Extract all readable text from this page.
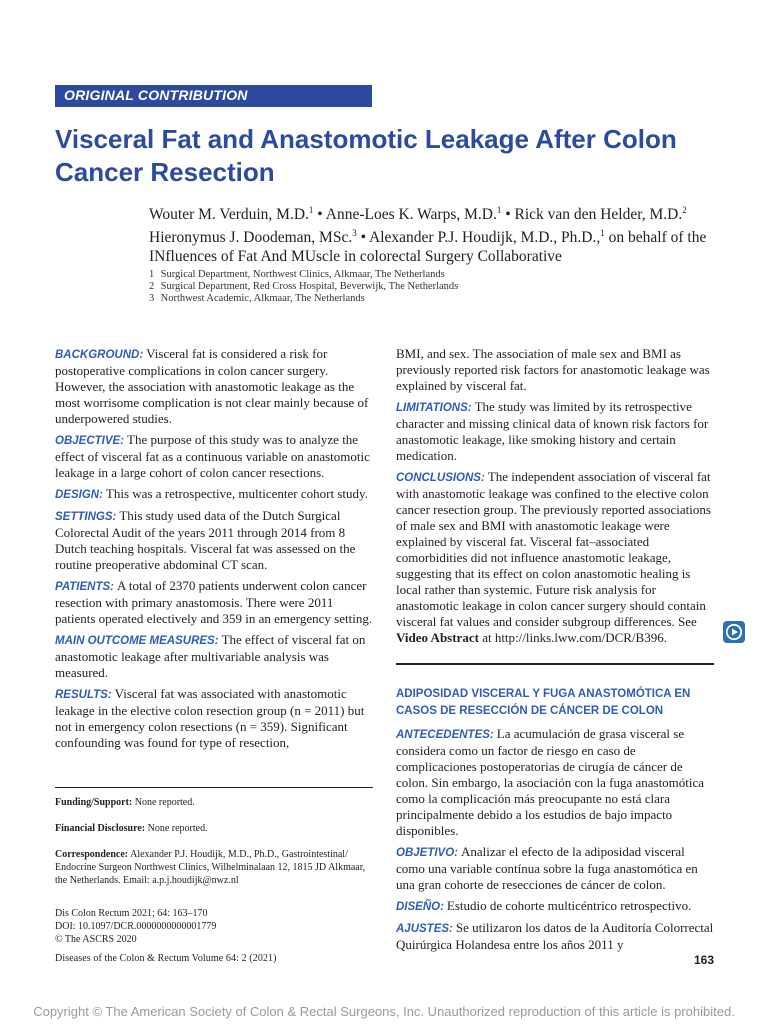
ORIGINAL CONTRIBUTION
Visceral Fat and Anastomotic Leakage After Colon Cancer Resection
Wouter M. Verduin, M.D.$^1$ • Anne-Loes K. Warps, M.D.$^1$ • Rick van den Helder, M.D.$^2$ Hieronymus J. Doodeman, MSc.$^3$ • Alexander P.J. Houdijk, M.D., Ph.D.,$^1$ on behalf of the INfluences of Fat And MUscle in colorectal Surgery Collaborative
1 Surgical Department, Northwest Clinics, Alkmaar, The Netherlands
2 Surgical Department, Red Cross Hospital, Beverwijk, The Netherlands
3 Northwest Academic, Alkmaar, The Netherlands

BACKGROUND: Visceral fat is considered a risk for postoperative complications in colon cancer surgery. However, the association with anastomotic leakage as the most worrisome complication is not clear mainly because of underpowered studies.

OBJECTIVE: The purpose of this study was to analyze the effect of visceral fat as a continuous variable on anastomotic leakage in a large cohort of colon cancer resections.

DESIGN: This was a retrospective, multicenter cohort study.

SETTINGS: This study used data of the Dutch Surgical Colorectal Audit of the years 2011 through 2014 from 8 Dutch teaching hospitals. Visceral fat was assessed on the routine preoperative abdominal CT scan.

PATIENTS: A total of 2370 patients underwent colon cancer resection with primary anastomosis. There were 2011 patients operated electively and 359 in an emergency setting.

MAIN OUTCOME MEASURES: The effect of visceral fat on anastomotic leakage after multivariable analysis was measured.

RESULTS: Visceral fat was associated with anastomotic leakage in the elective colon resection group (n = 2011) but not in emergency colon resections (n = 359). Significant confounding was found for type of resection,

BMI, and sex. The association of male sex and BMI as previously reported risk factors for anastomotic leakage was explained by visceral fat.

LIMITATIONS: The study was limited by its retrospective character and missing clinical data of known risk factors for anastomotic leakage, like smoking history and certain medication.

CONCLUSIONS: The independent association of visceral fat with anastomotic leakage was confined to the elective colon cancer resection group. The previously reported associations of male sex and BMI with anastomotic leakage were explained by visceral fat. Visceral fat–associated comorbidities did not influence anastomotic leakage, suggesting that its effect on colon anastomotic healing is local rather than systemic. Future risk analysis for anastomotic leakage in colon cancer surgery should contain visceral fat values and consider subgroup differences. See Video Abstract at http://links.lww.com/DCR/B396.

ADIPOSIDAD VISCERAL Y FUGA ANASTOMÓTICA EN CASOS DE RESECCIÓN DE CÁNCER DE COLON

ANTECEDENTES: La acumulación de grasa visceral se considera como un factor de riesgo en caso de complicaciones postoperatorias de cirugía de cáncer de colon. Sin embargo, la asociación con la fuga anastomótica como la complicación más preocupante no está clara principalmente debido a los estudios de bajo impacto disponibles.

OBJETIVO: Analizar el efecto de la adiposidad visceral como una variable contínua sobre la fuga anastomótica en una gran cohorte de resecciones de cáncer de colon.

DISEÑO: Estudio de cohorte multicéntrico retrospectivo.

AJUSTES: Se utilizaron los datos de la Auditoría Colorrectal Quirúrgica Holandesa entre los años 2011 y

Funding/Support: None reported.

Financial Disclosure: None reported.

Correspondence: Alexander P.J. Houdijk, M.D., Ph.D., Gastrointestinal/ Endocrine Surgeon Northwest Clinics, Wilhelminalaan 12, 1815 JD Alkmaar, the Netherlands. Email: a.p.j.houdijk@nwz.nl

Dis Colon Rectum 2021; 64: 163–170
DOI: 10.1097/DCR.0000000000001779
© The ASCRS 2020
Diseases of the Colon & Rectum Volume 64: 2 (2021)	163
Copyright © The American Society of Colon & Rectal Surgeons, Inc. Unauthorized reproduction of this article is prohibited.
